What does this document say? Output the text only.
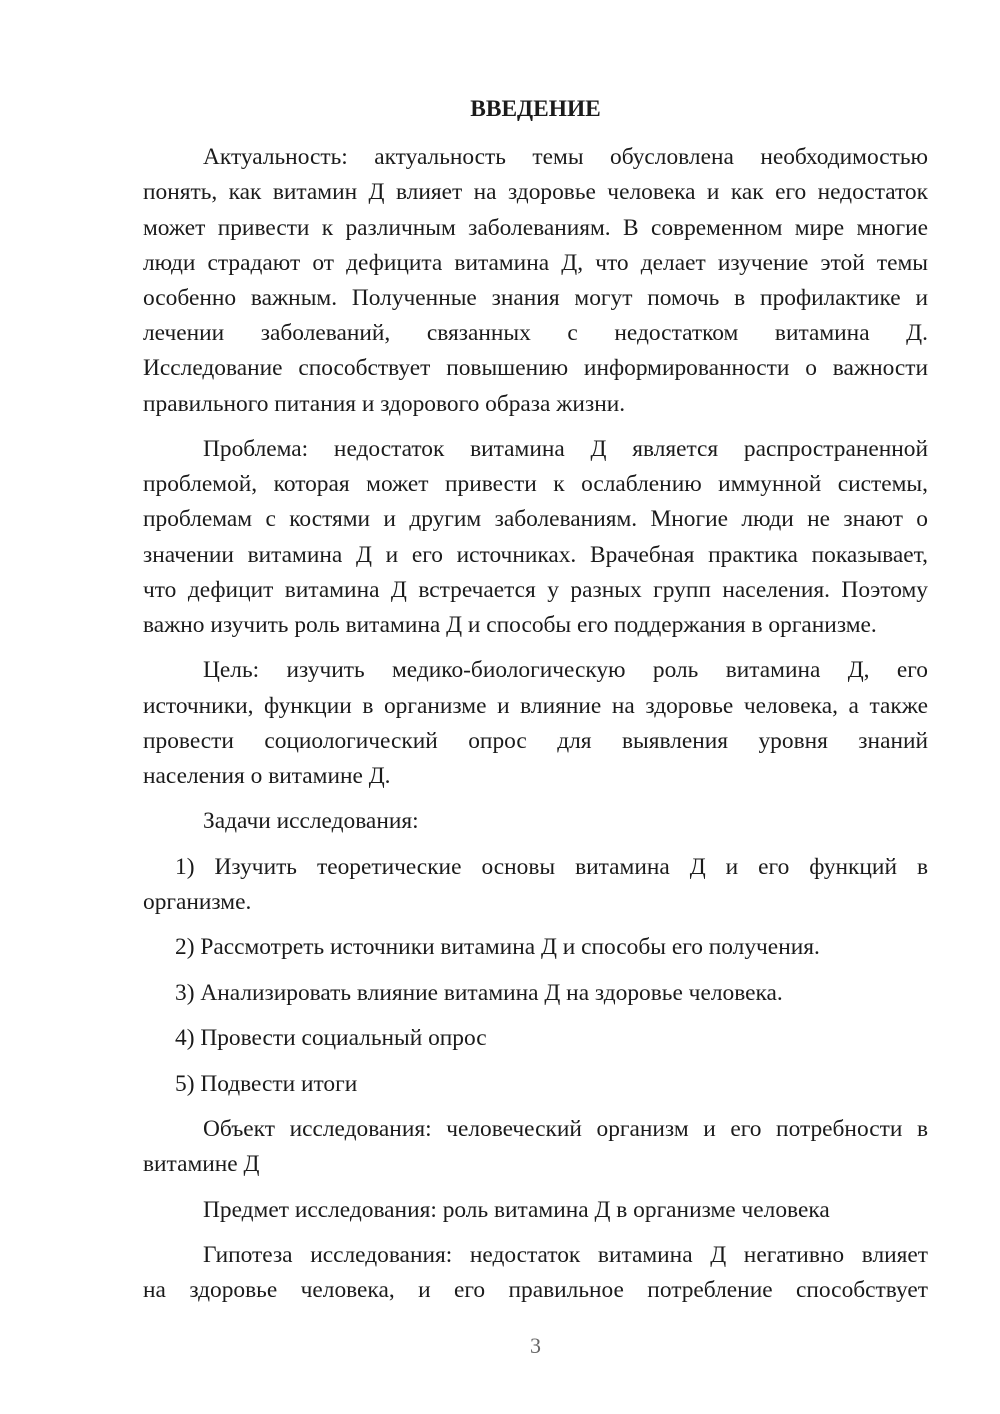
ВВЕДЕНИЕ
Актуальность: актуальность темы обусловлена необходимостью
понять, как витамин Д влияет на здоровье человека и как его недостаток
может привести к различным заболеваниям. В современном мире многие
люди страдают от дефицита витамина Д, что делает изучение этой темы
особенно важным. Полученные знания могут помочь в профилактике и
лечении заболеваний, связанных с недостатком витамина Д.
Исследование способствует повышению информированности о важности
правильного питания и здорового образа жизни.
Проблема: недостаток витамина Д является распространенной
проблемой, которая может привести к ослаблению иммунной системы,
проблемам с костями и другим заболеваниям. Многие люди не знают о
значении витамина Д и его источниках. Врачебная практика показывает,
что дефицит витамина Д встречается у разных групп населения. Поэтому
важно изучить роль витамина Д и способы его поддержания в организме.
Цель: изучить медико-биологическую роль витамина Д, его
источники, функции в организме и влияние на здоровье человека, а также
провести социологический опрос для выявления уровня знаний
населения о витамине Д.
Задачи исследования:
1) Изучить теоретические основы витамина Д и его функций в
организме.
2) Рассмотреть источники витамина Д и способы его получения.
3) Анализировать влияние витамина Д на здоровье человека.
4) Провести социальный опрос
5) Подвести итоги
Объект исследования: человеческий организм и его потребности в
витамине Д
Предмет исследования: роль витамина Д в организме человека
Гипотеза исследования: недостаток витамина Д негативно влияет
на здоровье человека, и его правильное потребление способствует
3
